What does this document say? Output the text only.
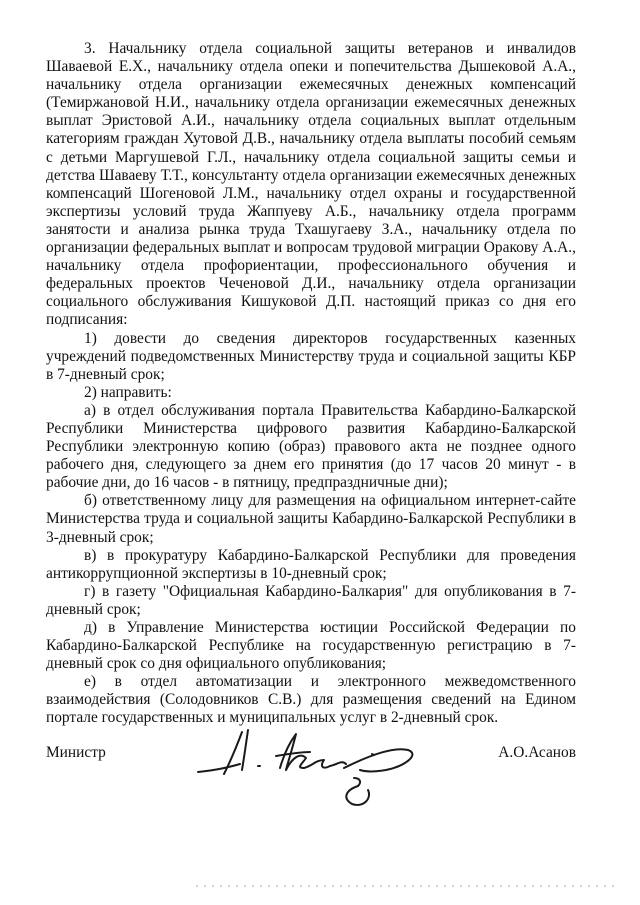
3. Начальнику отдела социальной защиты ветеранов и инвалидов Шаваевой Е.Х., начальнику отдела опеки и попечительства Дышековой А.А., начальнику отдела организации ежемесячных денежных компенсаций (Темиржановой Н.И., начальнику отдела организации ежемесячных денежных выплат Эристовой А.И., начальнику отдела социальных выплат отдельным категориям граждан Хутовой Д.В., начальнику отдела выплаты пособий семьям с детьми Маргушевой Г.Л., начальнику отдела социальной защиты семьи и детства Шаваеву Т.Т., консультанту отдела организации ежемесячных денежных компенсаций Шогеновой Л.М., начальнику отдел охраны и государственной экспертизы условий труда Жаппуеву А.Б., начальнику отдела программ занятости и анализа рынка труда Тхашугаеву З.А., начальнику отдела по организации федеральных выплат и вопросам трудовой миграции Оракову А.А., начальнику отдела профориентации, профессионального обучения и федеральных проектов Чеченовой Д.И., начальнику отдела организации социального обслуживания Кишуковой Д.П. настоящий приказ со дня его подписания:

1) довести до сведения директоров государственных казенных учреждений подведомственных Министерству труда и социальной защиты КБР в 7-дневный срок;

2) направить:

а) в отдел обслуживания портала Правительства Кабардино-Балкарской Республики Министерства цифрового развития Кабардино-Балкарской Республики электронную копию (образ) правового акта не позднее одного рабочего дня, следующего за днем его принятия (до 17 часов 20 минут - в рабочие дни, до 16 часов - в пятницу, предпраздничные дни);

б) ответственному лицу для размещения на официальном интернет-сайте Министерства труда и социальной защиты Кабардино-Балкарской Республики в 3-дневный срок;

в) в прокуратуру Кабардино-Балкарской Республики для проведения антикоррупционной экспертизы в 10-дневный срок;

г) в газету "Официальная Кабардино-Балкария" для опубликования в 7-дневный срок;

д) в Управление Министерства юстиции Российской Федерации по Кабардино-Балкарской Республике на государственную регистрацию в 7-дневный срок со дня официального опубликования;

е) в отдел автоматизации и электронного межведомственного взаимодействия (Солодовников С.В.) для размещения сведений на Едином портале государственных и муниципальных услуг в 2-дневный срок.

Министр	А.О.Асанов
